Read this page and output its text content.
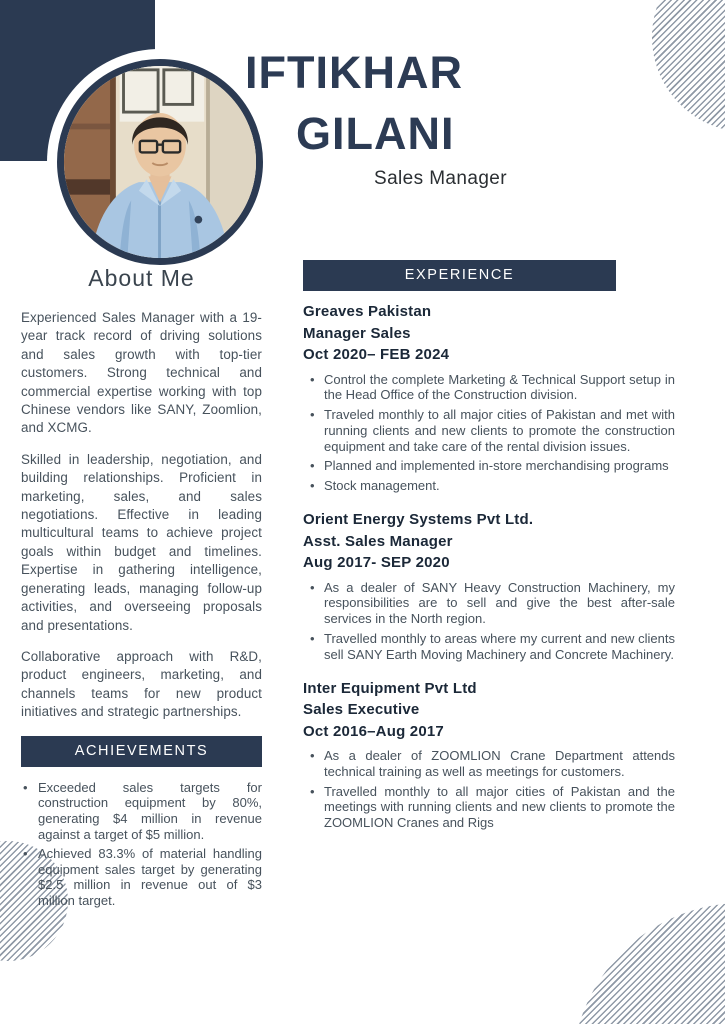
IFTIKHAR
GILANI
Sales Manager
About Me

Experienced Sales Manager with a 19-year track record of driving solutions and sales growth with top-tier customers. Strong technical and commercial expertise working with top Chinese vendors like SANY, Zoomlion, and XCMG.

Skilled in leadership, negotiation, and building relationships. Proficient in marketing, sales, and sales negotiations. Effective in leading multicultural teams to achieve project goals within budget and timelines. Expertise in gathering intelligence, generating leads, managing follow-up activities, and overseeing proposals and presentations.

Collaborative approach with R&D, product engineers, marketing, and channels teams for new product initiatives and strategic partnerships.

ACHIEVEMENTS
• Exceeded sales targets for construction equipment by 80%, generating $4 million in revenue against a target of $5 million.
• Achieved 83.3% of material handling equipment sales target by generating $2.5 million in revenue out of $3 million target.
EXPERIENCE
Greaves Pakistan
Manager Sales
Oct 2020– FEB 2024
• Control the complete Marketing & Technical Support setup in the Head Office of the Construction division.
• Traveled monthly to all major cities of Pakistan and met with running clients and new clients to promote the construction equipment and take care of the rental division issues.
• Planned and implemented in-store merchandising programs
• Stock management.
Orient Energy Systems Pvt Ltd.
Asst. Sales Manager
Aug 2017- SEP 2020
• As a dealer of SANY Heavy Construction Machinery, my responsibilities are to sell and give the best after-sale services in the North region.
• Travelled monthly to areas where my current and new clients sell SANY Earth Moving Machinery and Concrete Machinery.
Inter Equipment Pvt Ltd
Sales Executive
Oct 2016–Aug 2017
• As a dealer of ZOOMLION Crane Department attends technical training as well as meetings for customers.
• Travelled monthly to all major cities of Pakistan and the meetings with running clients and new clients to promote the ZOOMLION Cranes and Rigs
